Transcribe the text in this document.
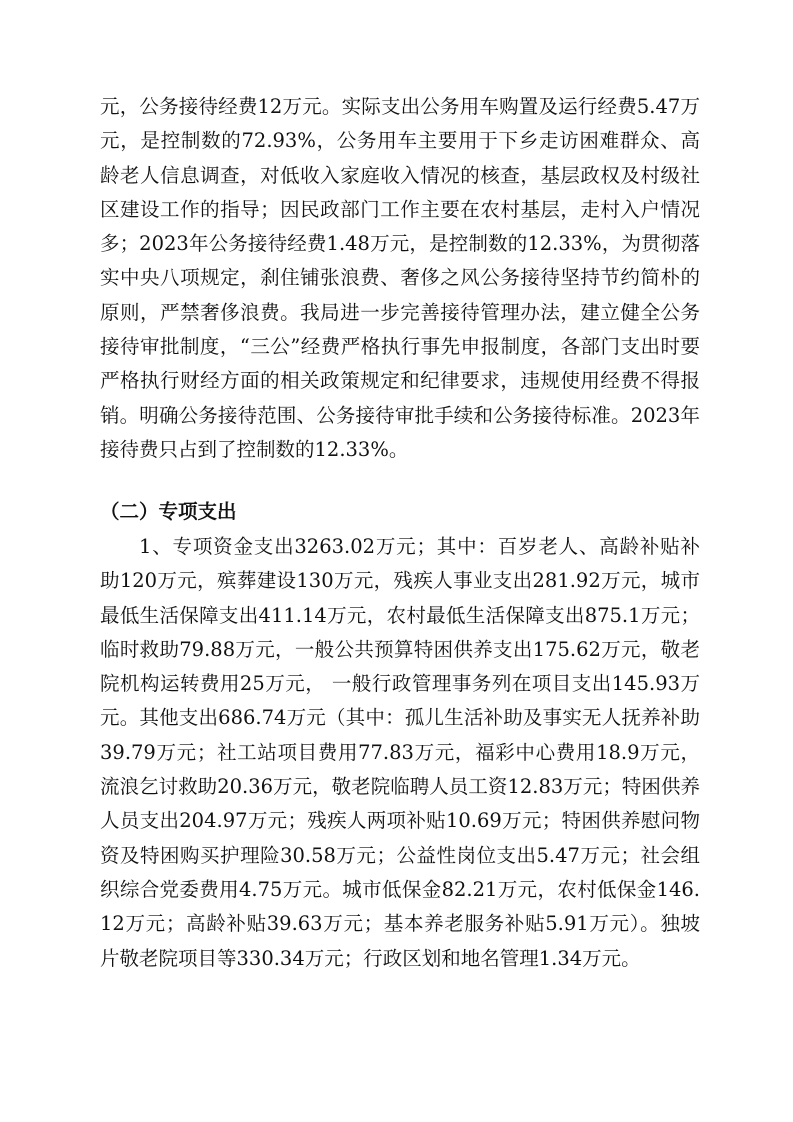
元，公务接待经费12万元。实际支出公务用车购置及运行经费5.47万元，是控制数的72.93%，公务用车主要用于下乡走访困难群众、高龄老人信息调查，对低收入家庭收入情况的核查，基层政权及村级社区建设工作的指导；因民政部门工作主要在农村基层，走村入户情况多；2023年公务接待经费1.48万元，是控制数的12.33%，为贯彻落实中央八项规定，刹住铺张浪费、奢侈之风公务接待坚持节约简朴的原则，严禁奢侈浪费。我局进一步完善接待管理办法，建立健全公务接待审批制度，“三公”经费严格执行事先申报制度，各部门支出时要严格执行财经方面的相关政策规定和纪律要求，违规使用经费不得报销。明确公务接待范围、公务接待审批手续和公务接待标准。2023年接待费只占到了控制数的12.33%。

（二）专项支出

1、专项资金支出3263.02万元；其中：百岁老人、高龄补贴补助120万元，殡葬建设130万元，残疾人事业支出281.92万元，城市最低生活保障支出411.14万元，农村最低生活保障支出875.1万元；临时救助79.88万元，一般公共预算特困供养支出175.62万元，敬老院机构运转费用25万元， 一般行政管理事务列在项目支出145.93万元。其他支出686.74万元（其中：孤儿生活补助及事实无人抚养补助39.79万元；社工站项目费用77.83万元，福彩中心费用18.9万元，流浪乞讨救助20.36万元，敬老院临聘人员工资12.83万元；特困供养人员支出204.97万元；残疾人两项补贴10.69万元；特困供养慰问物资及特困购买护理险30.58万元；公益性岗位支出5.47万元；社会组织综合党委费用4.75万元。城市低保金82.21万元，农村低保金146.12万元；高龄补贴39.63万元；基本养老服务补贴5.91万元）。独坡片敬老院项目等330.34万元；行政区划和地名管理1.34万元。
